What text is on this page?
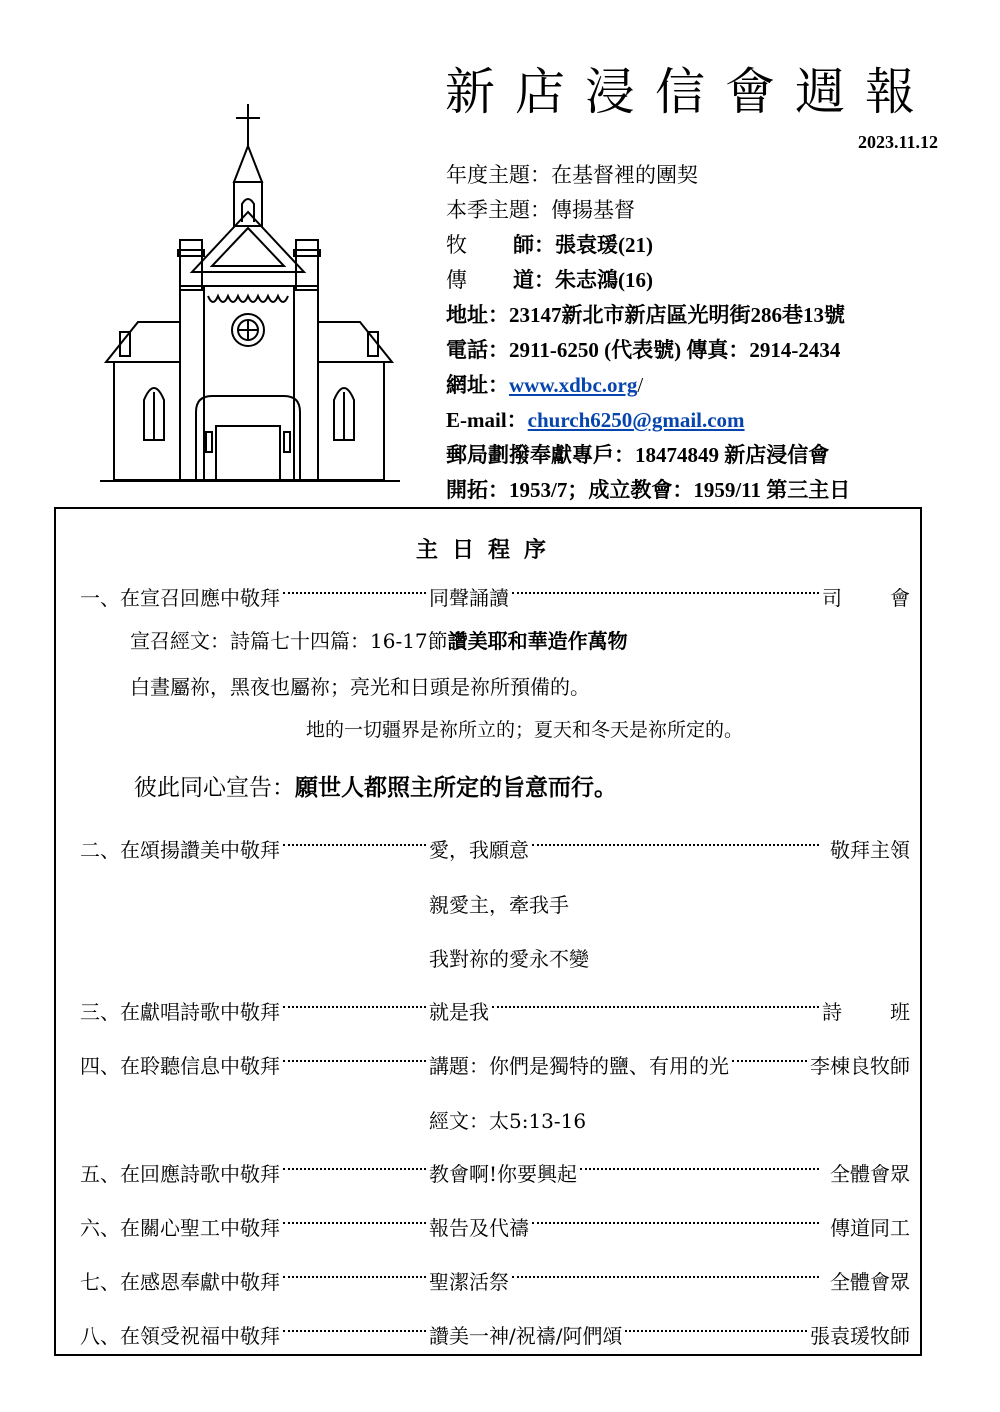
新店浸信會週報
2023.11.12
年度主題：在基督裡的團契
本季主題：傳揚基督
牧 師：張袁瑗(21)
傳 道：朱志鴻(16)
地址：23147新北市新店區光明街286巷13號
電話：2911-6250 (代表號) 傳真：2914-2434
網址：www.xdbc.org/
E-mail：church6250@gmail.com
郵局劃撥奉獻專戶：18474849 新店浸信會
開拓：1953/7；成立教會：1959/11 第三主日
主日程序
一、在宣召回應中敬拜	同聲誦讀	司 會
宣召經文：詩篇七十四篇：16-17節讚美耶和華造作萬物
白晝屬祢，黑夜也屬祢；亮光和日頭是祢所預備的。
地的一切疆界是祢所立的；夏天和冬天是祢所定的。
彼此同心宣告：願世人都照主所定的旨意而行。
二、在頌揚讚美中敬拜	愛，我願意	敬拜主領
親愛主，牽我手
我對祢的愛永不變
三、在獻唱詩歌中敬拜	就是我	詩 班
四、在聆聽信息中敬拜	講題：你們是獨特的鹽、有用的光	李棟良牧師
經文：太5:13-16
五、在回應詩歌中敬拜	教會啊!你要興起	全體會眾
六、在關心聖工中敬拜	報告及代禱	傳道同工
七、在感恩奉獻中敬拜	聖潔活祭	全體會眾
八、在領受祝福中敬拜	讚美一神/祝禱/阿們頌	張袁瑗牧師
